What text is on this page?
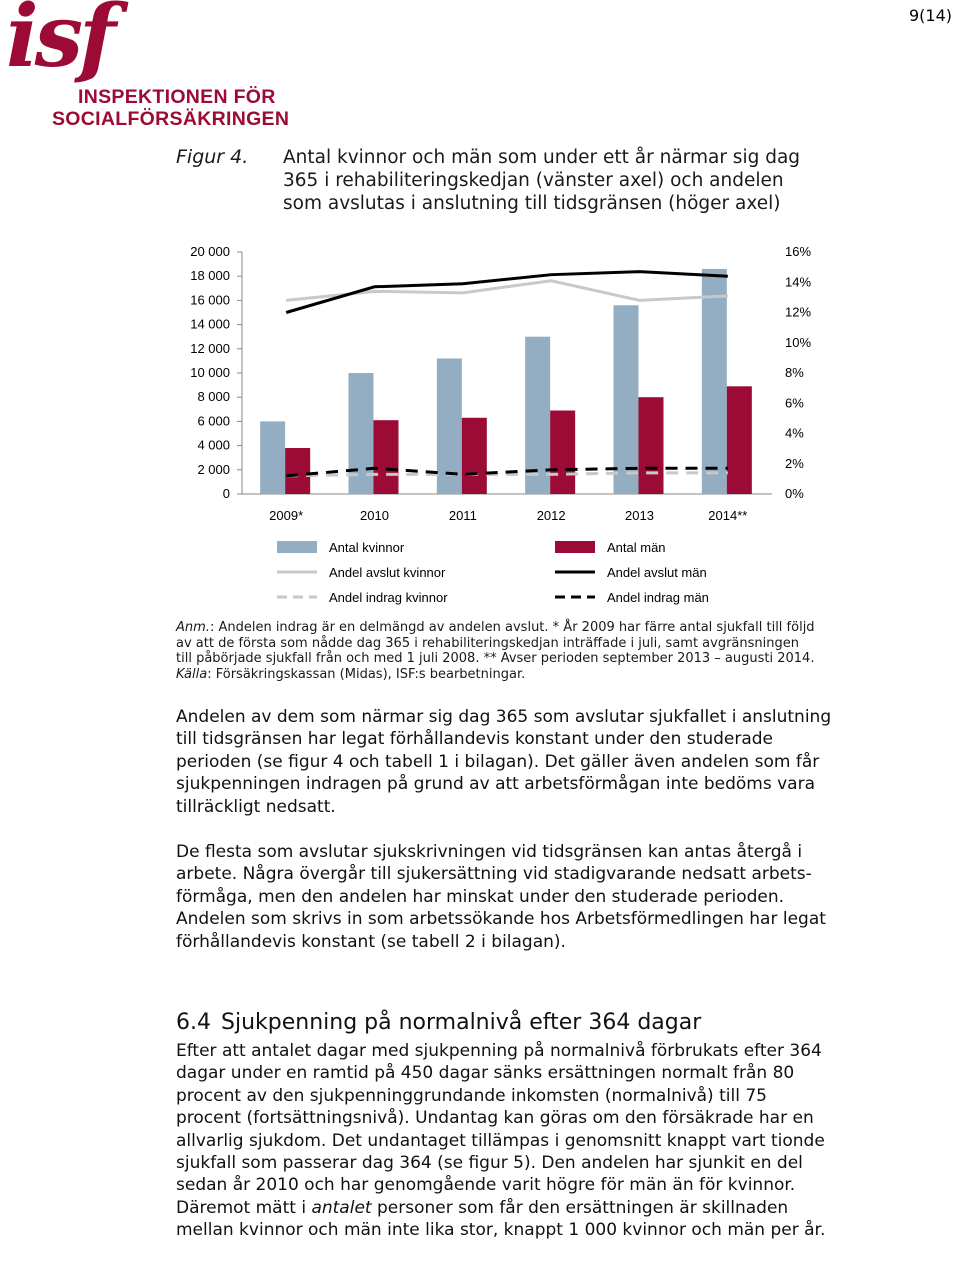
9(14)
isf
INSPEKTIONEN FÖR
SOCIALFÖRSÄKRINGEN
Figur 4. Antal kvinnor och män som under ett år närmar sig dag 365 i rehabiliteringskedjan (vänster axel) och andelen som avslutas i anslutning till tidsgränsen (höger axel)
0
2 000
4 000
6 000
8 000
10 000
12 000
14 000
16 000
18 000
20 000
0%
2%
4%
6%
8%
10%
12%
14%
16%
2009*	2010	2011	2012	2013	2014**
Antal kvinnor	Antal män
Andel avslut kvinnor	Andel avslut män
Andel indrag kvinnor	Andel indrag män
Anm.: Andelen indrag är en delmängd av andelen avslut. * År 2009 har färre antal sjukfall till följd av att de första som nådde dag 365 i rehabiliteringskedjan inträffade i juli, samt avgränsningen till påbörjade sjukfall från och med 1 juli 2008. ** Avser perioden september 2013 – augusti 2014.
Källa: Försäkringskassan (Midas), ISF:s bearbetningar.

Andelen av dem som närmar sig dag 365 som avslutar sjukfallet i anslutning till tidsgränsen har legat förhållandevis konstant under den studerade perioden (se figur 4 och tabell 1 i bilagan). Det gäller även andelen som får sjukpenningen indragen på grund av att arbetsförmågan inte bedöms vara tillräckligt nedsatt.

De flesta som avslutar sjukskrivningen vid tidsgränsen kan antas återgå i arbete. Några övergår till sjukersättning vid stadigvarande nedsatt arbets-förmåga, men den andelen har minskat under den studerade perioden. Andelen som skrivs in som arbetssökande hos Arbetsförmedlingen har legat förhållandevis konstant (se tabell 2 i bilagan).

6.4 Sjukpenning på normalnivå efter 364 dagar

Efter att antalet dagar med sjukpenning på normalnivå förbrukats efter 364 dagar under en ramtid på 450 dagar sänks ersättningen normalt från 80 procent av den sjukpenninggrundande inkomsten (normalnivå) till 75 procent (fortsättningsnivå). Undantag kan göras om den försäkrade har en allvarlig sjukdom. Det undantaget tillämpas i genomsnitt knappt vart tionde sjukfall som passerar dag 364 (se figur 5). Den andelen har sjunkit en del sedan år 2010 och har genomgående varit högre för män än för kvinnor. Däremot mätt i antalet personer som får den ersättningen är skillnaden mellan kvinnor och män inte lika stor, knappt 1 000 kvinnor och män per år.
